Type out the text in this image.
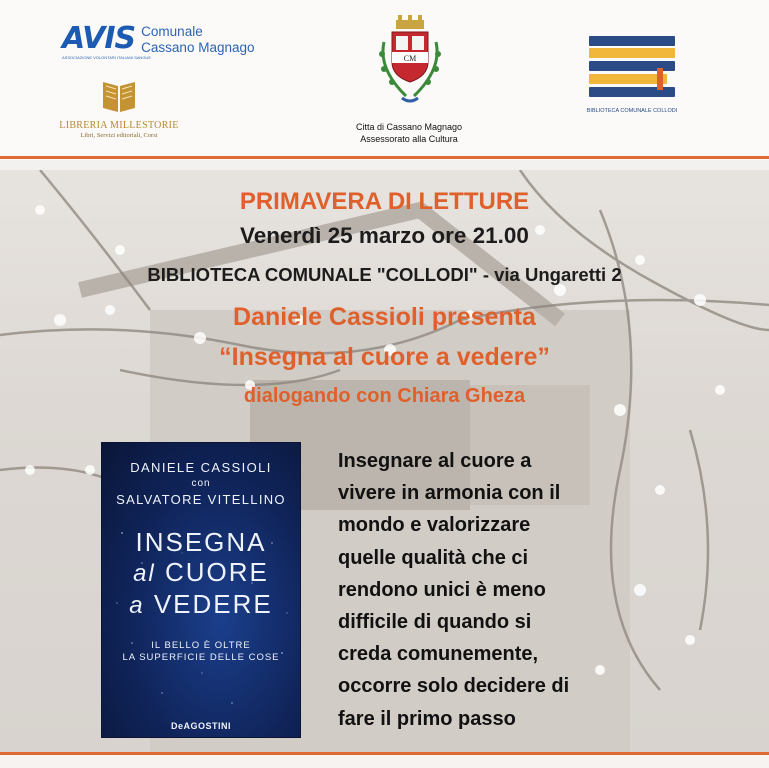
AVIS Comunale
Cassano Magnago
ASSOCIAZIONE VOLONTARI ITALIANI SANGUE
LIBRERIA MILLESTORIE
Libri, Servizi editoriali, Corsi
CM
Citta di Cassano Magnago
Assessorato alla Cultura
BIBLIOTECA COMUNALE COLLODI
PRIMAVERA DI LETTURE
Venerdì 25 marzo ore 21.00
BIBLIOTECA COMUNALE "COLLODI" - via Ungaretti 2
Daniele Cassioli presenta
“Insegna al cuore a vedere”
dialogando con Chiara Gheza
DANIELE CASSIOLI
con
SALVATORE VITELLINO
INSEGNA
al CUORE
a VEDERE
IL BELLO È OLTRE
LA SUPERFICIE DELLE COSE
DeAGOSTINI
Insegnare al cuore a
vivere in armonia con il
mondo e valorizzare
quelle qualità che ci
rendono unici è meno
difficile di quando si
creda comunemente,
occorre solo decidere di
fare il primo passo
